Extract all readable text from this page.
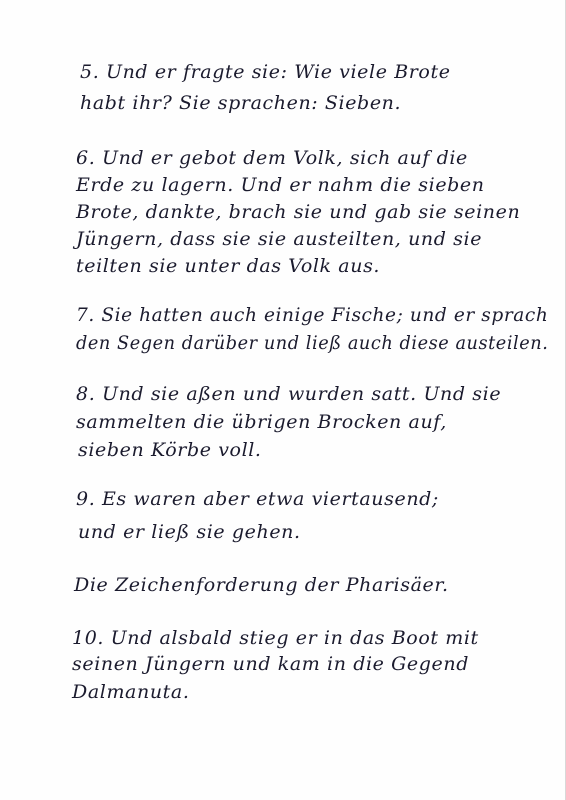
5. Und er fragte sie: Wie viele Brote
habt ihr? Sie sprachen: Sieben.
6. Und er gebot dem Volk, sich auf die
Erde zu lagern. Und er nahm die sieben
Brote, dankte, brach sie und gab sie seinen
Jüngern, dass sie sie austeilten, und sie
teilten sie unter das Volk aus.
7. Sie hatten auch einige Fische; und er sprach
den Segen darüber und ließ auch diese austeilen.
8. Und sie aßen und wurden satt. Und sie
sammelten die übrigen Brocken auf,
sieben Körbe voll.
9. Es waren aber etwa viertausend;
und er ließ sie gehen.
Die Zeichenforderung der Pharisäer.
10. Und alsbald stieg er in das Boot mit
seinen Jüngern und kam in die Gegend
Dalmanuta.
